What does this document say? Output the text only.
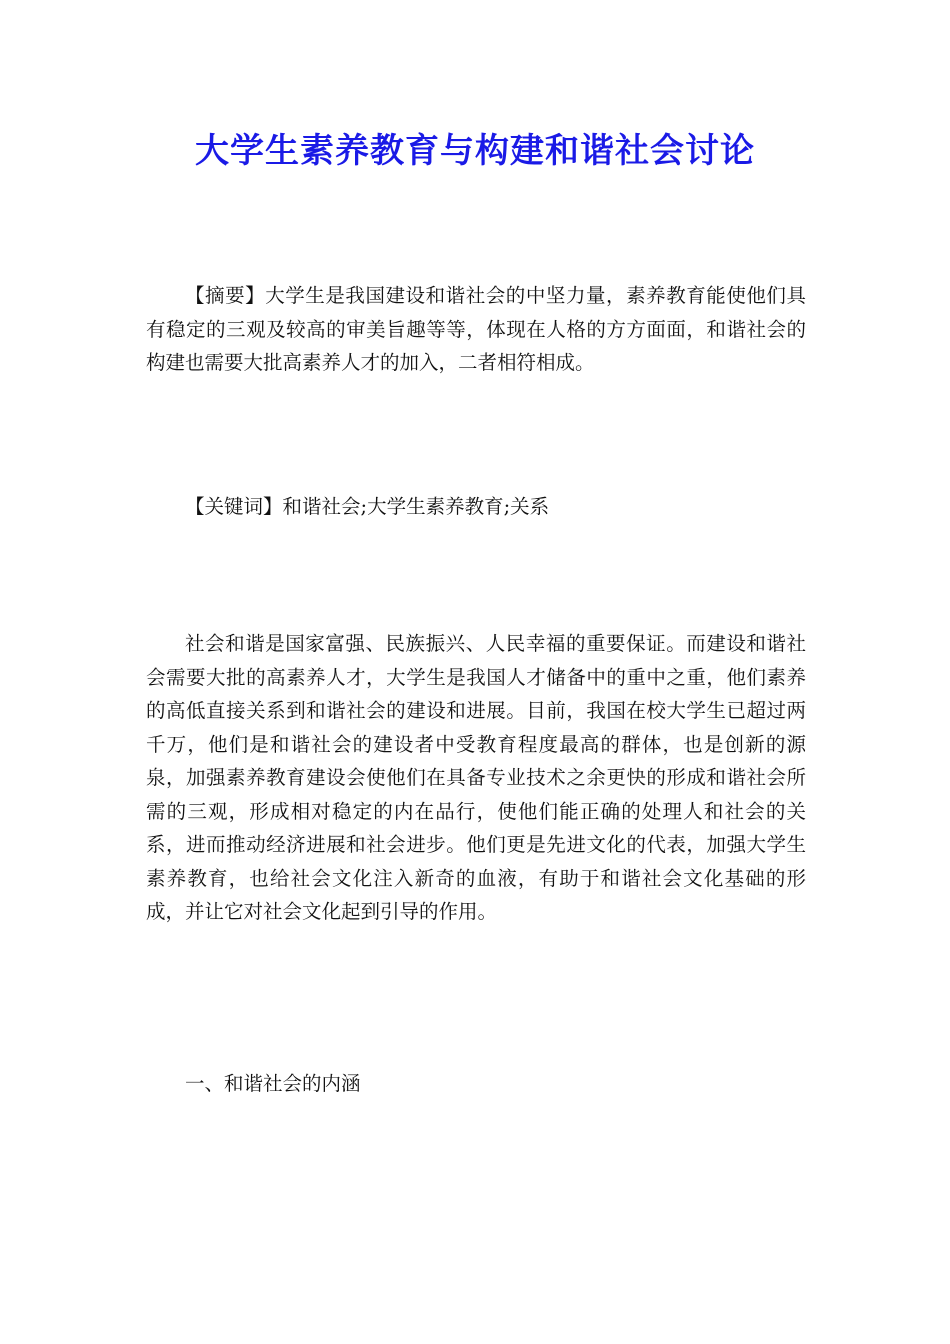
大学生素养教育与构建和谐社会讨论

【摘要】大学生是我国建设和谐社会的中坚力量，素养教育能使他们具有稳定的三观及较高的审美旨趣等等，体现在人格的方方面面，和谐社会的构建也需要大批高素养人才的加入，二者相符相成。

【关键词】和谐社会;大学生素养教育;关系

社会和谐是国家富强、民族振兴、人民幸福的重要保证。而建设和谐社会需要大批的高素养人才，大学生是我国人才储备中的重中之重，他们素养的高低直接关系到和谐社会的建设和进展。目前，我国在校大学生已超过两千万，他们是和谐社会的建设者中受教育程度最高的群体，也是创新的源泉，加强素养教育建设会使他们在具备专业技术之余更快的形成和谐社会所需的三观，形成相对稳定的内在品行，使他们能正确的处理人和社会的关系，进而推动经济进展和社会进步。他们更是先进文化的代表，加强大学生素养教育，也给社会文化注入新奇的血液，有助于和谐社会文化基础的形成，并让它对社会文化起到引导的作用。

一、和谐社会的内涵
